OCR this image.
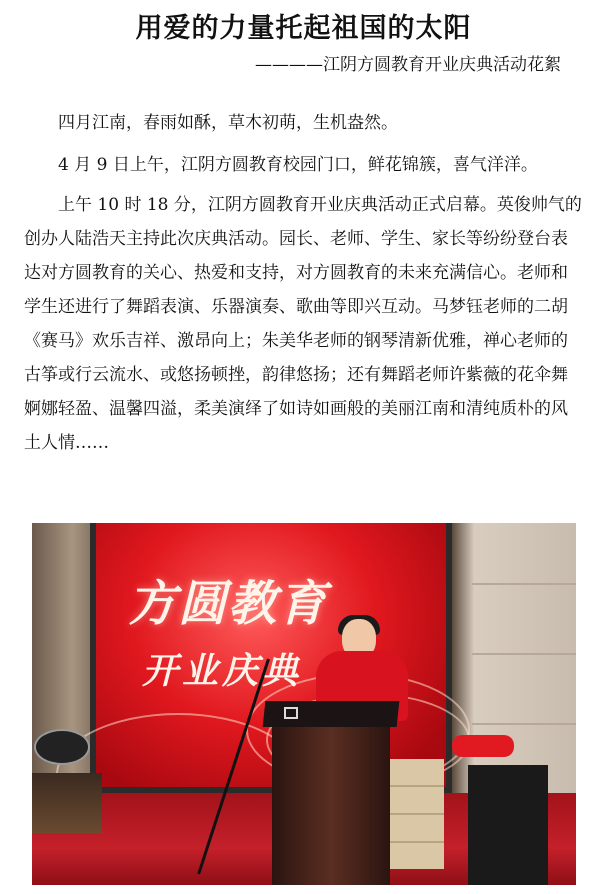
用爱的力量托起祖国的太阳
————江阴方圆教育开业庆典活动花絮

四月江南，春雨如酥，草木初萌，生机盎然。

4 月 9 日上午，江阴方圆教育校园门口，鲜花锦簇，喜气洋洋。

上午 10 时 18 分，江阴方圆教育开业庆典活动正式启幕。英俊帅气的创办人陆浩天主持此次庆典活动。园长、老师、学生、家长等纷纷登台表达对方圆教育的关心、热爱和支持，对方圆教育的未来充满信心。老师和学生还进行了舞蹈表演、乐器演奏、歌曲等即兴互动。马梦钰老师的二胡《赛马》欢乐吉祥、激昂向上；朱美华老师的钢琴清新优雅，禅心老师的古筝或行云流水、或悠扬顿挫，韵律悠扬；还有舞蹈老师许紫薇的花伞舞婀娜轻盈、温馨四溢，柔美演绎了如诗如画般的美丽江南和清纯质朴的风土人情……

方圆教育
开业庆典
